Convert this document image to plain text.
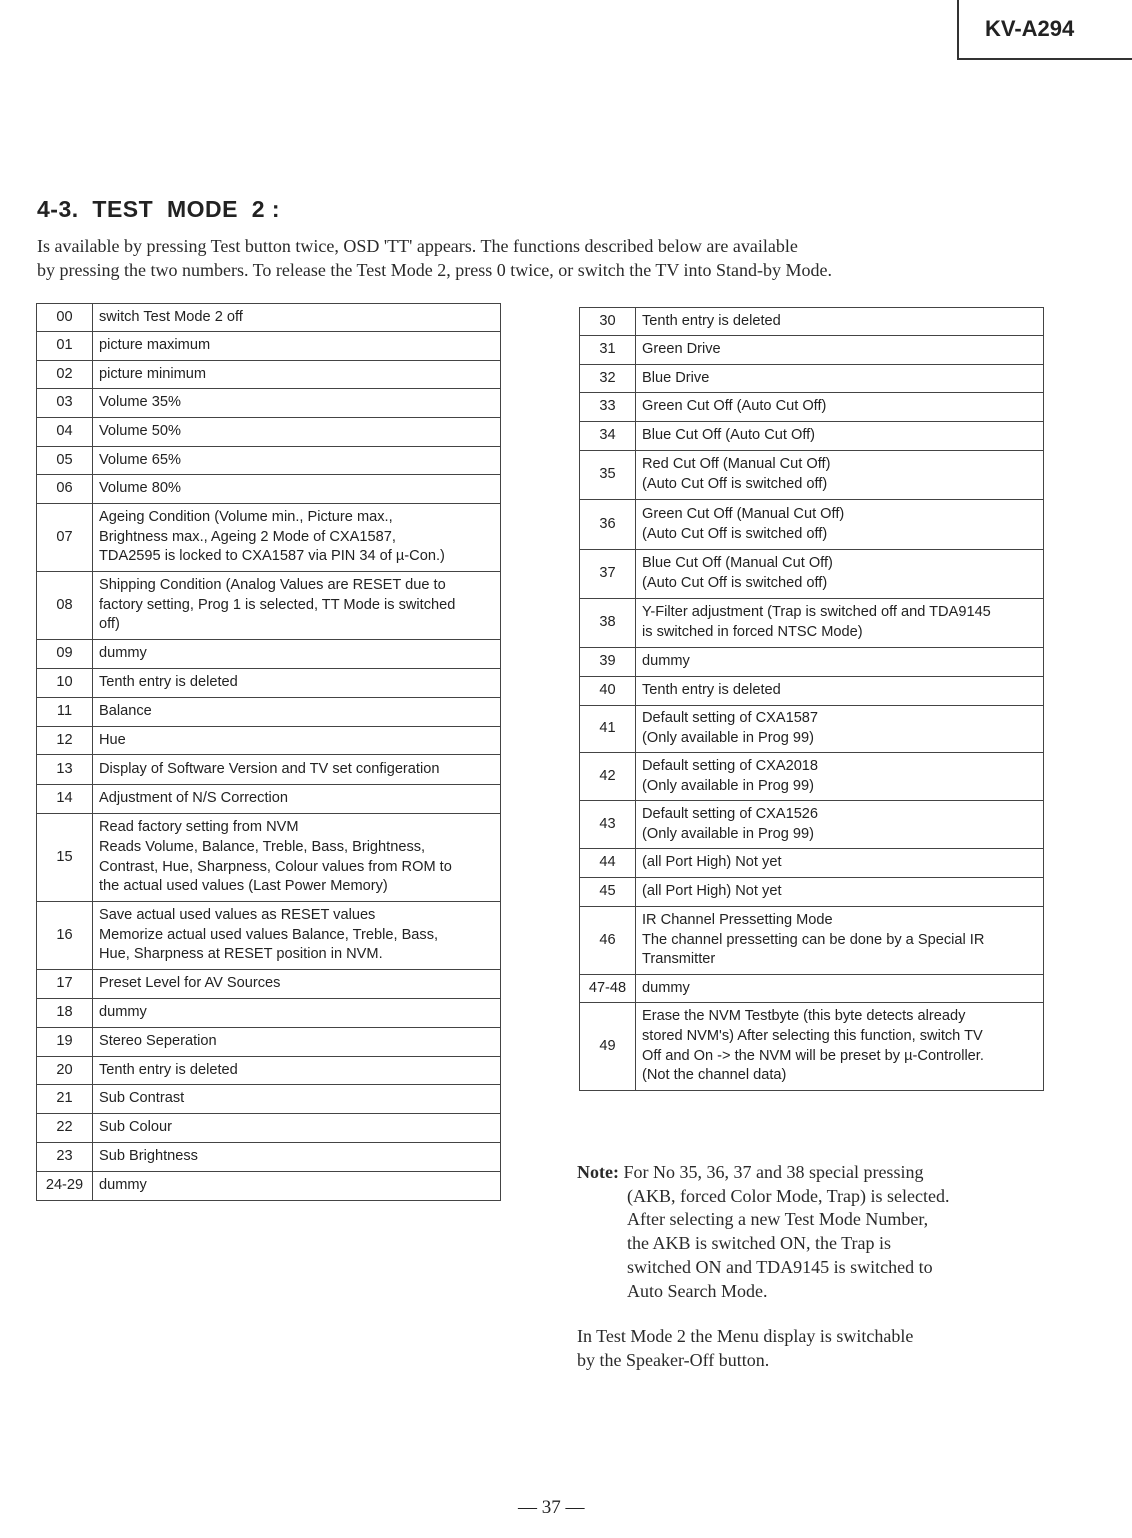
KV-A294
4-3.  TEST  MODE  2 :
Is available by pressing Test button twice, OSD 'TT' appears. The functions described below are available
by pressing the two numbers. To release the Test Mode 2, press 0 twice, or switch the TV into Stand-by Mode.
00	switch Test Mode 2 off

01	picture maximum

02	picture minimum

03	Volume 35%

04	Volume 50%

05	Volume 65%

06	Volume 80%

07	Ageing Condition (Volume min., Picture max.,
Brightness max., Ageing 2 Mode of CXA1587,
TDA2595 is locked to CXA1587 via PIN 34 of µ-Con.)

08	Shipping Condition (Analog Values are RESET due to
factory setting, Prog 1 is selected, TT Mode is switched
off)

09	dummy

10	Tenth entry is deleted

11	Balance

12	Hue

13	Display of Software Version and TV set configeration

14	Adjustment of N/S Correction

15	Read factory setting from NVM
Reads Volume, Balance, Treble, Bass, Brightness,
Contrast, Hue, Sharpness, Colour values from ROM to
the actual used values (Last Power Memory)

16	Save actual used values as RESET values
Memorize actual used values Balance, Treble, Bass,
Hue, Sharpness at RESET position in NVM.

17	Preset Level for AV Sources

18	dummy

19	Stereo Seperation

20	Tenth entry is deleted

21	Sub Contrast

22	Sub Colour

23	Sub Brightness

24-29	dummy
30	Tenth entry is deleted

31	Green Drive

32	Blue Drive

33	Green Cut Off (Auto Cut Off)

34	Blue Cut Off (Auto Cut Off)

35	Red Cut Off (Manual Cut Off)
(Auto Cut Off is switched off)

36	Green Cut Off (Manual Cut Off)
(Auto Cut Off is switched off)

37	Blue Cut Off (Manual Cut Off)
(Auto Cut Off is switched off)

38	Y-Filter adjustment (Trap is switched off and TDA9145
is switched in forced NTSC Mode)

39	dummy

40	Tenth entry is deleted

41	Default setting of CXA1587
(Only available in Prog 99)

42	Default setting of CXA2018
(Only available in Prog 99)

43	Default setting of CXA1526
(Only available in Prog 99)

44	(all Port High) Not yet

45	(all Port High) Not yet

46	IR Channel Pressetting Mode
The channel pressetting can be done by a Special IR
Transmitter

47-48	dummy

49	Erase the NVM Testbyte (this byte detects already
stored NVM's) After selecting this function, switch TV
Off and On -> the NVM will be preset by µ-Controller.
(Not the channel data)
Note: For No 35, 36, 37 and 38 special pressing
(AKB, forced Color Mode, Trap) is selected.
After selecting a new Test Mode Number,
the AKB is switched ON, the Trap is
switched ON and TDA9145 is switched to
Auto Search Mode.
In Test Mode 2 the Menu display is switchable
by the Speaker-Off button.
— 37 —
